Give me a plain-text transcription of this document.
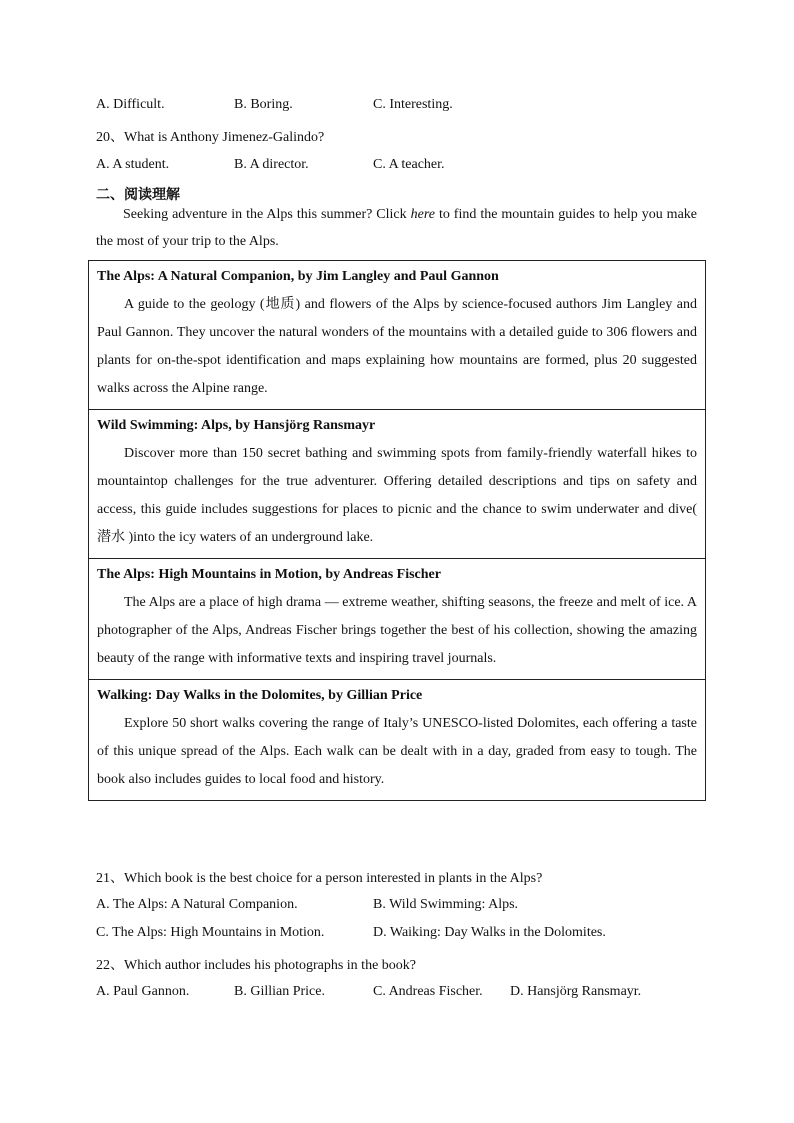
A. Difficult.	B. Boring.	C. Interesting.
20、What is Anthony Jimenez-Galindo?
A. A student.	B. A director.	C. A teacher.
二、阅读理解
Seeking adventure in the Alps this summer? Click here to find the mountain guides to help you make the most of your trip to the Alps.
The Alps: A Natural Companion, by Jim Langley and Paul Gannon
A guide to the geology (地质) and flowers of the Alps by science-focused authors Jim Langley and Paul Gannon. They uncover the natural wonders of the mountains with a detailed guide to 306 flowers and plants for on-the-spot identification and maps explaining how mountains are formed, plus 20 suggested walks across the Alpine range.

Wild Swimming: Alps, by Hansjörg Ransmayr
Discover more than 150 secret bathing and swimming spots from family-friendly waterfall hikes to mountaintop challenges for the true adventurer. Offering detailed descriptions and tips on safety and access, this guide includes suggestions for places to picnic and the chance to swim underwater and dive( 潜水 )into the icy waters of an underground lake.

The Alps: High Mountains in Motion, by Andreas Fischer
The Alps are a place of high drama — extreme weather, shifting seasons, the freeze and melt of ice. A photographer of the Alps, Andreas Fischer brings together the best of his collection, showing the amazing beauty of the range with informative texts and inspiring travel journals.

Walking: Day Walks in the Dolomites, by Gillian Price
Explore 50 short walks covering the range of Italy’s UNESCO-listed Dolomites, each offering a taste of this unique spread of the Alps. Each walk can be dealt with in a day, graded from easy to tough. The book also includes guides to local food and history.
21、Which book is the best choice for a person interested in plants in the Alps?
A. The Alps: A Natural Companion.	B. Wild Swimming: Alps.
C. The Alps: High Mountains in Motion.	D. Waiking: Day Walks in the Dolomites.
22、Which author includes his photographs in the book?
A. Paul Gannon.	B. Gillian Price.	C. Andreas Fischer. D. Hansjörg Ransmayr.
